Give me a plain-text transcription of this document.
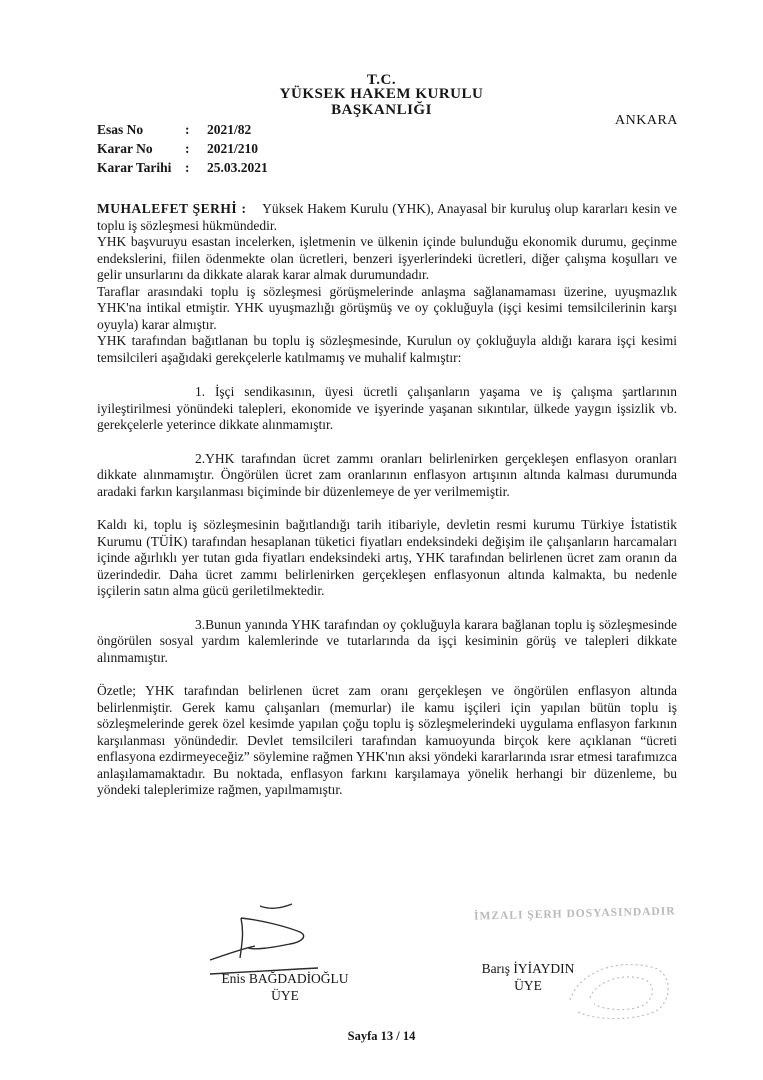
T.C.
YÜKSEK HAKEM KURULU
BAŞKANLIĞI
ANKARA
Esas No	:	2021/82
Karar No	:	2021/210
Karar Tarihi	:	25.03.2021

MUHALEFET ŞERHİ : Yüksek Hakem Kurulu (YHK), Anayasal bir kuruluş olup kararları kesin ve toplu iş sözleşmesi hükmündedir.

YHK başvuruyu esastan incelerken, işletmenin ve ülkenin içinde bulunduğu ekonomik durumu, geçinme endekslerini, fiilen ödenmekte olan ücretleri, benzeri işyerlerindeki ücretleri, diğer çalışma koşulları ve gelir unsurlarını da dikkate alarak karar almak durumundadır.

Taraflar arasındaki toplu iş sözleşmesi görüşmelerinde anlaşma sağlanamaması üzerine, uyuşmazlık YHK'na intikal etmiştir. YHK uyuşmazlığı görüşmüş ve oy çokluğuyla (işçi kesimi temsilcilerinin karşı oyuyla) karar almıştır.

YHK tarafından bağıtlanan bu toplu iş sözleşmesinde, Kurulun oy çokluğuyla aldığı karara işçi kesimi temsilcileri aşağıdaki gerekçelerle katılmamış ve muhalif kalmıştır:

1. İşçi sendikasının, üyesi ücretli çalışanların yaşama ve iş çalışma şartlarının iyileştirilmesi yönündeki talepleri, ekonomide ve işyerinde yaşanan sıkıntılar, ülkede yaygın işsizlik vb. gerekçelerle yeterince dikkate alınmamıştır.

2.YHK tarafından ücret zammı oranları belirlenirken gerçekleşen enflasyon oranları dikkate alınmamıştır. Öngörülen ücret zam oranlarının enflasyon artışının altında kalması durumunda aradaki farkın karşılanması biçiminde bir düzenlemeye de yer verilmemiştir.

Kaldı ki, toplu iş sözleşmesinin bağıtlandığı tarih itibariyle, devletin resmi kurumu Türkiye İstatistik Kurumu (TÜİK) tarafından hesaplanan tüketici fiyatları endeksindeki değişim ile çalışanların harcamaları içinde ağırlıklı yer tutan gıda fiyatları endeksindeki artış, YHK tarafından belirlenen ücret zam oranın da üzerindedir. Daha ücret zammı belirlenirken gerçekleşen enflasyonun altında kalmakta, bu nedenle işçilerin satın alma gücü geriletilmektedir.

3.Bunun yanında YHK tarafından oy çokluğuyla karara bağlanan toplu iş sözleşmesinde öngörülen sosyal yardım kalemlerinde ve tutarlarında da işçi kesiminin görüş ve talepleri dikkate alınmamıştır.

Özetle; YHK tarafından belirlenen ücret zam oranı gerçekleşen ve öngörülen enflasyon altında belirlenmiştir. Gerek kamu çalışanları (memurlar) ile kamu işçileri için yapılan bütün toplu iş sözleşmelerinde gerek özel kesimde yapılan çoğu toplu iş sözleşmelerindeki uygulama enflasyon farkının karşılanması yönündedir. Devlet temsilcileri tarafından kamuoyunda birçok kere açıklanan “ücreti enflasyona ezdirmeyeceğiz” söylemine rağmen YHK'nın aksi yöndeki kararlarında ısrar etmesi tarafımızca anlaşılamamaktadır. Bu noktada, enflasyon farkını karşılamaya yönelik herhangi bir düzenleme, bu yöndeki taleplerimize rağmen, yapılmamıştır.

Enis BAĞDADİOĞLU
ÜYE
İMZALI ŞERH DOSYASINDADIR
Barış İYİAYDIN
ÜYE
Sayfa 13 / 14
